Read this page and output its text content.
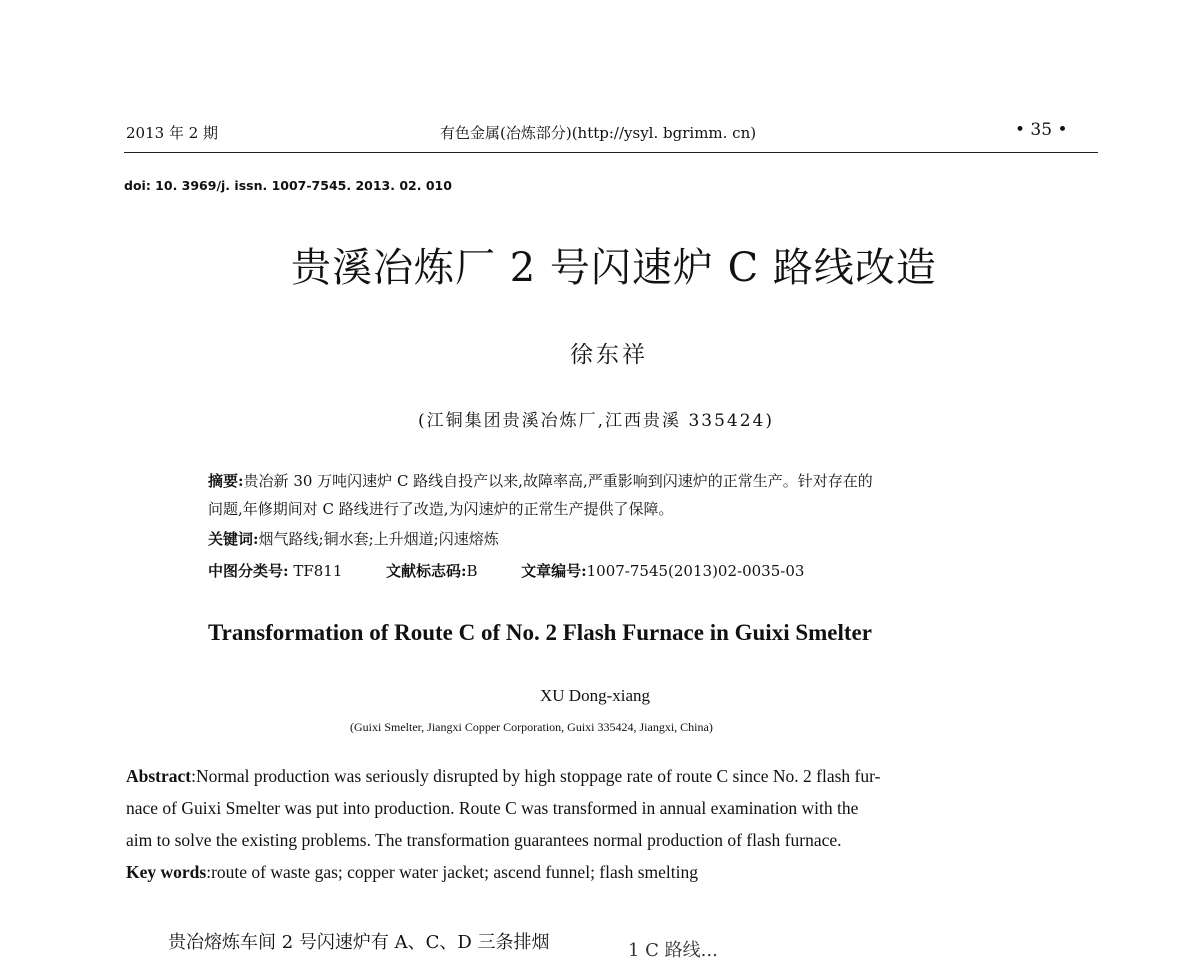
2013 年 2 期	有色金属(冶炼部分)(http://ysyl. bgrimm. cn)	• 35 •
doi: 10. 3969/j. issn. 1007-7545. 2013. 02. 010
贵溪冶炼厂 2 号闪速炉 C 路线改造
徐东祥
(江铜集团贵溪冶炼厂,江西贵溪 335424)
摘要:贵冶新 30 万吨闪速炉 C 路线自投产以来,故障率高,严重影响到闪速炉的正常生产。针对存在的
问题,年修期间对 C 路线进行了改造,为闪速炉的正常生产提供了保障。
关键词:烟气路线;铜水套;上升烟道;闪速熔炼
中图分类号: TF811	文献标志码:B	文章编号:1007-7545(2013)02-0035-03
Transformation of Route C of No. 2 Flash Furnace in Guixi Smelter
XU Dong-xiang
(Guixi Smelter, Jiangxi Copper Corporation, Guixi 335424, Jiangxi, China)
Abstract:Normal production was seriously disrupted by high stoppage rate of route C since No. 2 flash fur-
nace of Guixi Smelter was put into production. Route C was transformed in annual examination with the
aim to solve the existing problems. The transformation guarantees normal production of flash furnace.
Key words:route of waste gas; copper water jacket; ascend funnel; flash smelting
贵冶熔炼车间 2 号闪速炉有 A、C、D 三条排烟	1 C 路线...
